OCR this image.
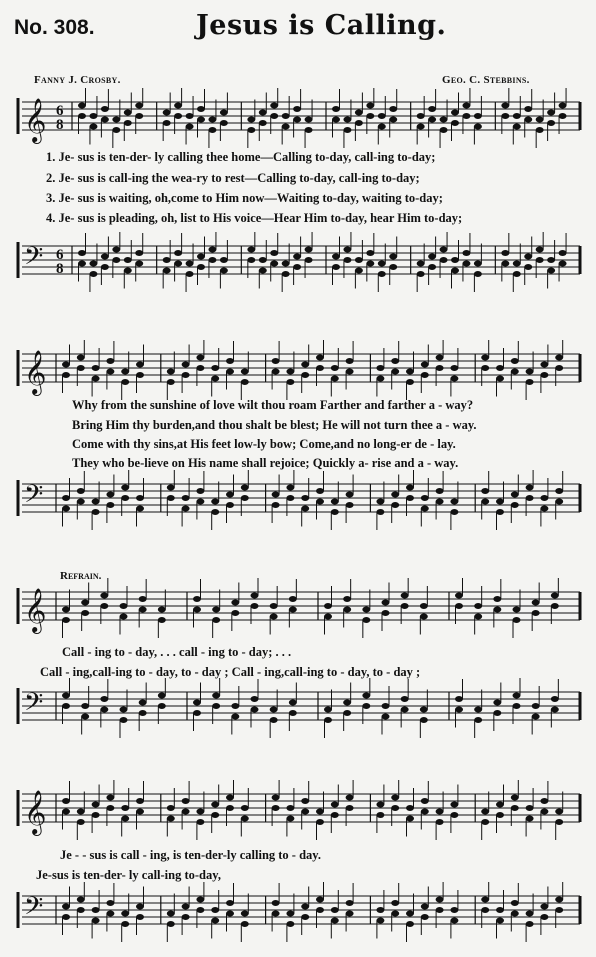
No. 308.	Jesus is Calling.
Fanny J. Crosby.	Geo. C. Stebbins.
𝄞 6
8
1. Je- sus is ten-der- ly calling thee home—Calling to-day, call-ing to-day;
2. Je- sus is call-ing the wea-ry to rest—Calling to-day, call-ing to-day;
3. Je- sus is waiting, oh,come to Him now—Waiting to-day, waiting to-day;
4. Je- sus is pleading, oh, list to His voice—Hear Him to-day, hear Him to-day;
𝄢 6
8
𝄞
Why from the sunshine of love wilt thou roam Farther and farther a - way?
Bring Him thy burden,and thou shalt be blest; He will not turn thee a - way.
Come with thy sins,at His feet low-ly bow; Come,and no long-er de - lay.
They who be-lieve on His name shall rejoice; Quickly a- rise and a - way.
𝄢
Refrain.
𝄞
Call - ing to - day, . . . call - ing to - day; . . .
Call - ing,call-ing to - day, to - day ; Call - ing,call-ing to - day, to - day ;
𝄢
𝄞
Je - - sus is call - ing, is ten-der-ly calling to - day.
Je-sus is ten-der- ly call-ing to-day,
𝄢
